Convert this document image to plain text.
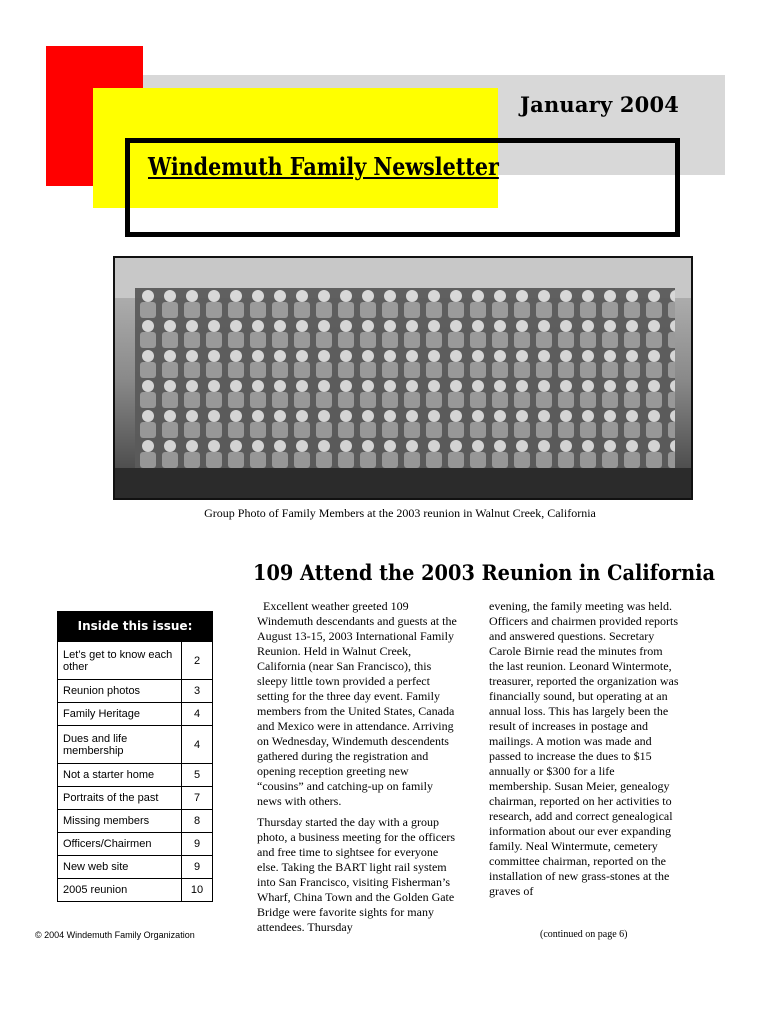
January 2004
Windemuth Family Newsletter
Group Photo of Family Members at the 2003 reunion in Walnut Creek, California
109 Attend the 2003 Reunion in California
Inside this issue:
Let’s get to know each other	2
Reunion photos	3
Family Heritage	4
Dues and life membership	4
Not a starter home	5
Portraits of the past	7
Missing members	8
Officers/Chairmen	9
New web site	9
2005 reunion	10
© 2004 Windemuth Family Organization

Excellent weather greeted 109 Windemuth descendants and guests at the August 13-15, 2003 International Family Reunion. Held in Walnut Creek, California (near San Francisco), this sleepy little town provided a perfect setting for the three day event. Family members from the United States, Canada and Mexico were in attendance. Arriving on Wednesday, Windemuth descendents gathered during the registration and opening reception greeting new “cousins” and catching-up on family news with others.

Thursday started the day with a group photo, a business meeting for the officers and free time to sightsee for everyone else. Taking the BART light rail system into San Francisco, visiting Fisherman’s Wharf, China Town and the Golden Gate Bridge were favorite sights for many attendees. Thursday

evening, the family meeting was held. Officers and chairmen provided reports and answered questions. Secretary Carole Birnie read the minutes from the last reunion. Leonard Wintermote, treasurer, reported the organization was financially sound, but operating at an annual loss. This has largely been the result of increases in postage and mailings. A motion was made and passed to increase the dues to $15 annually or $300 for a life membership. Susan Meier, genealogy chairman, reported on her activities to research, add and correct genealogical information about our ever expanding family. Neal Wintermute, cemetery committee chairman, reported on the installation of new grass-stones at the graves of

(continued on page 6)
